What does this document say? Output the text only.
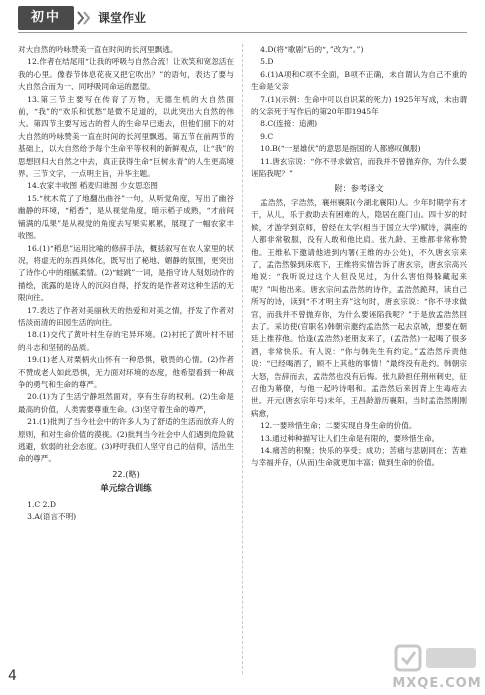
初中	课堂作业

对大自然的吟咏赞美一直在时间的长河里飘逃。

12.作者在结尾用“让我的呼吸与自然合流！让欢笑和宽忽活在我的心里。像春节体息花夜又把它吹出？”的语句，表达了要与大自然合而为一、同呼吸同命运的愿望。

13.第三节主要写在传育了万物，无德生机的大自然面前，“我”的“欢乐和忧愁”是微不足道的，以此突出大自然的伟大。第四节主要写远古的哲人的生命早已逝去，但他们留下的对大自然的吟咏赞美一直在时间的长河里飘逃。第五节在前两节的基础上，以大自然给予每个生命平等权利的新鲜观点，让“我”的思想回归大自然之中去，真正获得生命“巨树永青”的人生更高境界。三节文字，一点明主旨，升华主题。

14.农家丰收图 稻麦归谁图 少女思恋图

15.“枕木荒了了地翻出曲谷”一句，从听觉角度，写出了幽谷幽静的环境，“稻香”，是从视觉角度，暗示稻子成熟，“才前间铺满的瓜果”是从视觉的角度去写果实累累，展现了一幅农家丰收图。

16.(1)“稻息”运用比喻的修辞手法，概括叙写在农人家里的状况，将虚无的东西具体化，既写出了秘地、媚静的氛围，更突出了诗作心中的细腻柔情。(2)“蛙跳”一词，是指守诗人刻划动作的描绘，流露的是诗人的沉闷自得，抒发的是作者对这种生活的无限向往。

17.表达了作者对美丽秋天的热爱和对美之情，抒发了作者对恬淡而清的田园生活的向往。

18.(1)交代了黄叶村生存的宅异环境。(2)衬托了黄叶村不屈的斗志和坚韧的品质。

19.(1)老人对栗柄火山怀有一种恐惧，敬畏的心情。(2)作者不赞成老人如此恐惧，无力面对环境的态度，他希望看到一种战争的勇气和生命的尊严。

20.(1)为了生活宁静坦然面对，享有生存的权利。(2)生命是最高的价值，人类需要尊重生命。(3)坚守着生命的尊严，

21.(1)批判了当今社会中的许多人为了舒适的生活而放弃人的原则，和对生命价值的漠视。(2)批判当今社会中人们遇到危险就逃避，软弱的社会态度。(3)呼吁我们人坚守自己的信仰，活出生命的尊严。

22.(略)

单元综合训练

1.C 2.D

3.A(语言不明)

4.D(将“歌剧”后的“，”改为“。”)

5.D

6.(1)A项和C项不全面，B项不正确，未自谓认为自己不重的生命是父亲

7.(1)(示例：生命中可以自识某的死力) 1925年写成，未由谓的父亲死于写作后的第20年即1945年

8.C(连接：追溯)

9.C

10.B(“一星雄伏”的意思是指国的人都感叹佩服)

11.唐玄宗说：“你不寻求做官，而我并不曾抛弃你，为什么要诬陷我呢？”

附：参考译文

孟浩然，字浩然，襄州襄阳(今湖北襄阳)人。少年时期学有才干，从儿，乐于救助去有困难的人，隐居在鹿门山。四十岁的时候，才游学到京师，曾经在太学(相当于国立大学)赋诗，满座的人都非常敬服，没有人敢和他比肩。张九龄、王维都非常称赞他。王维私下邀请他进到内署(王维的办公处)，不久唐玄宗来了，孟浩然躲到床底下，王维将实情告诉了唐玄宗，唐玄宗高兴地说：“我听说过这个人但没见过，为什么害怕得躲藏起来呢？”叫他出来。唐玄宗问孟浩然的诗作，孟浩然跪拜，读自己所写的诗，读到“不才明主弃”这句时，唐玄宗说：“你不寻求做官，而我并不曾抛弃你，为什么要诬陷我呢？”于是放孟浩然回去了。采访使(官职名)韩朝宗邀约孟浩然一起去京城，想要在朝廷上推荐他。恰逢(孟浩然)老朋友来了，(孟浩然)一起喝了很多酒，非常快乐。有人说：“你与韩先生有约定。”孟浩然斥责他说：“已经喝酒了，顾不上其他的事情！”最终没有赴约。韩朝宗大怒，告辞而去，孟浩然也没有后悔。张九龄担任荆州刺史，征召他为幕僚，与他一起吟诗唱和。孟浩然后来因背上生毒疮去世。开元(唐玄宗年号)末年，王昌龄游历襄阳，当时孟浩然刚刚病愈，

12.一要珍惜生命；二要实现自身生命的价值。

13.通过种种描写让人们生命是有限的，要珍惜生命。

14.痛苦的积聚；快乐的享受；成功；苦痛与悲剧同在；苦难与幸福并存，(从而)生命就更加丰富；做到生命的价值。

4	MXQE.COM
